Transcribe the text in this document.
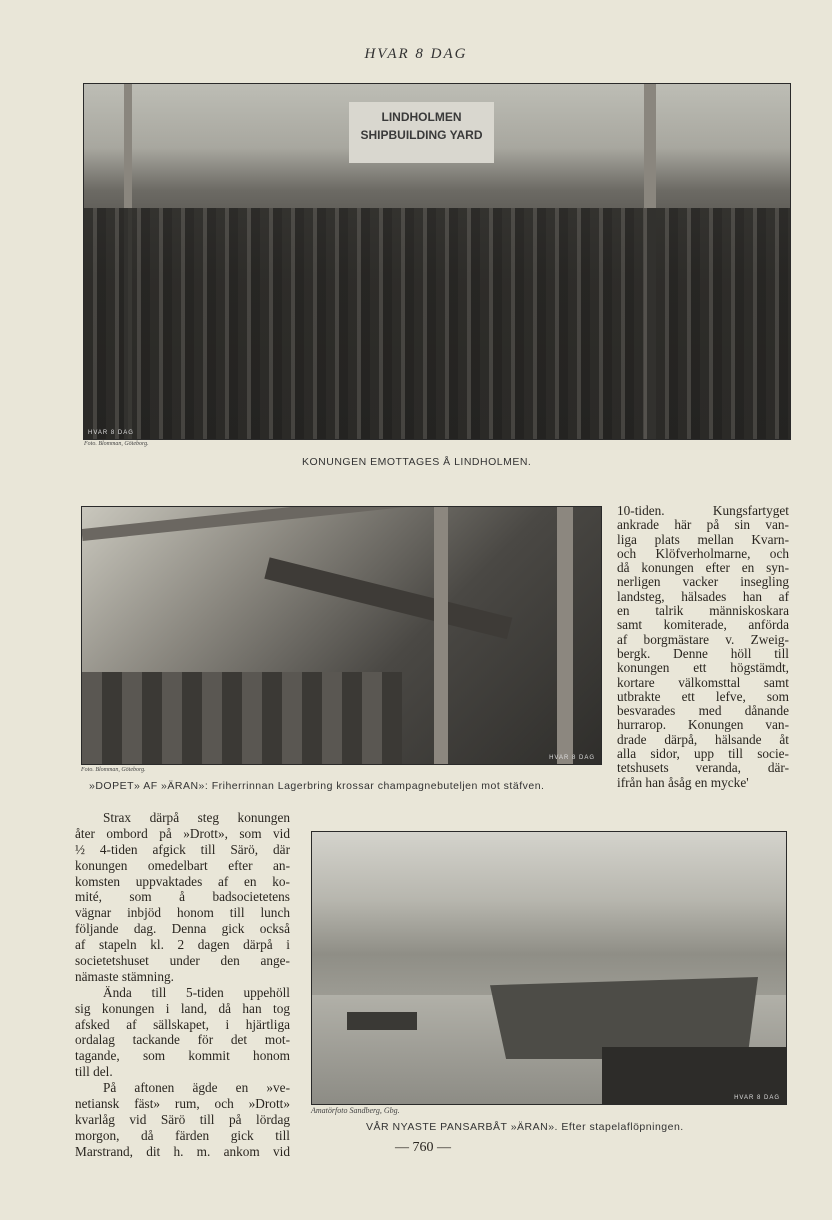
HVAR 8 DAG
LINDHOLMEN
SHIPBUILDING YARD
HVAR 8 DAG
Foto. Blomman, Göteborg.
KONUNGEN EMOTTAGES Å LINDHOLMEN.
HVAR 8 DAG
Foto. Blomman, Göteborg.
»DOPET» AF »ÄRAN»: Friherrinnan Lagerbring krossar champagnebuteljen mot stäfven.
10-tiden. Kungsfartyget
ankrade här på sin van-
liga plats mellan Kvarn-
och Klöfverholmarne, och
då konungen efter en syn-
nerligen vacker insegling
landsteg, hälsades han af
en talrik människoskara
samt komiterade, anförda
af borgmästare v. Zweig-
bergk. Denne höll till
konungen ett högstämdt,
kortare välkomsttal samt
utbrakte ett lefve, som
besvarades med dånande
hurrarop. Konungen van-
drade därpå, hälsande åt
alla sidor, upp till socie-
tetshusets veranda, där-
ifrån han åsåg en mycke'
Strax därpå steg konungen
åter ombord på »Drott», som vid
½ 4-tiden afgick till Särö, där
konungen omedelbart efter an-
komsten uppvaktades af en ko-
mité, som å badsocietetens
vägnar inbjöd honom till lunch
följande dag. Denna gick också
af stapeln kl. 2 dagen därpå i
societetshuset under den ange-
nämaste stämning.
Ända till 5-tiden uppehöll
sig konungen i land, då han tog
afsked af sällskapet, i hjärtliga
ordalag tackande för det mot-
tagande, som kommit honom
till del.
På aftonen ägde en »ve-
netiansk fäst» rum, och »Drott»
kvarlåg vid Särö till på lördag
morgon, då färden gick till
Marstrand, dit h. m. ankom vid
HVAR 8 DAG
Amatörfoto Sandberg, Gbg.
VÅR NYASTE PANSARBÅT »ÄRAN». Efter stapelaflöpningen.
— 760 —
